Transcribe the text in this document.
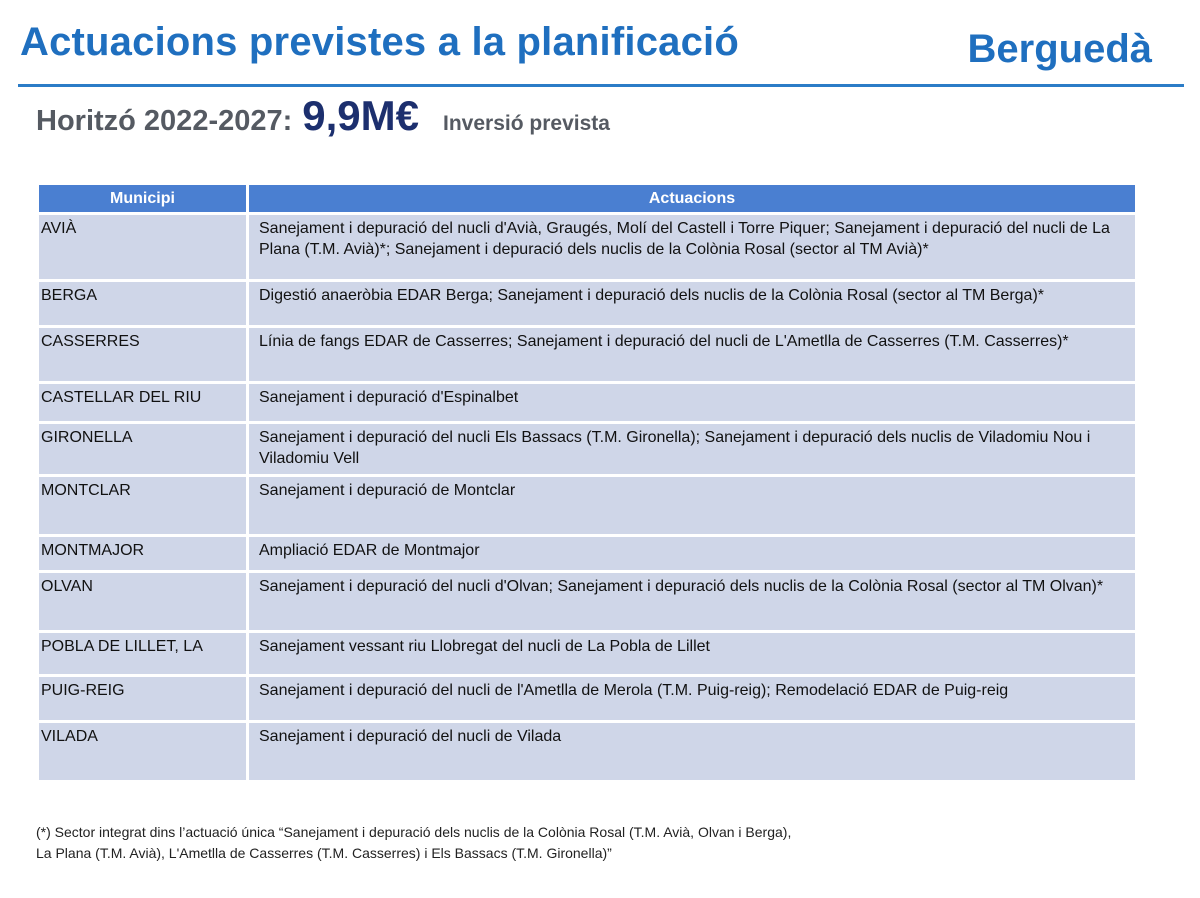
Actuacions previstes a la planificació	Berguedà
Horitzó 2022-2027: 9,9M€ Inversió prevista
Municipi	Actuacions
AVIÀ	Sanejament i depuració del nucli d'Avià, Graugés, Molí del Castell i Torre Piquer; Sanejament i depuració del nucli de La Plana (T.M. Avià)*; Sanejament i depuració dels nuclis de la Colònia Rosal (sector al TM Avià)*
BERGA	Digestió anaeròbia EDAR Berga; Sanejament i depuració dels nuclis de la Colònia Rosal (sector al TM Berga)*
CASSERRES	Línia de fangs EDAR de Casserres; Sanejament i depuració del nucli de L'Ametlla de Casserres (T.M. Casserres)*
CASTELLAR DEL RIU	Sanejament i depuració d'Espinalbet
GIRONELLA	Sanejament i depuració del nucli Els Bassacs (T.M. Gironella); Sanejament i depuració dels nuclis de Viladomiu Nou i Viladomiu Vell
MONTCLAR	Sanejament i depuració de Montclar
MONTMAJOR	Ampliació EDAR de Montmajor
OLVAN	Sanejament i depuració del nucli d'Olvan; Sanejament i depuració dels nuclis de la Colònia Rosal (sector al TM Olvan)*
POBLA DE LILLET, LA	Sanejament vessant riu Llobregat del nucli de La Pobla de Lillet
PUIG-REIG	Sanejament i depuració del nucli de l'Ametlla de Merola (T.M. Puig-reig); Remodelació EDAR de Puig-reig
VILADA	Sanejament i depuració del nucli de Vilada
(*) Sector integrat dins l’actuació única “Sanejament i depuració dels nuclis de la Colònia Rosal (T.M. Avià, Olvan i Berga),
La Plana (T.M. Avià), L'Ametlla de Casserres (T.M. Casserres) i Els Bassacs (T.M. Gironella)”
